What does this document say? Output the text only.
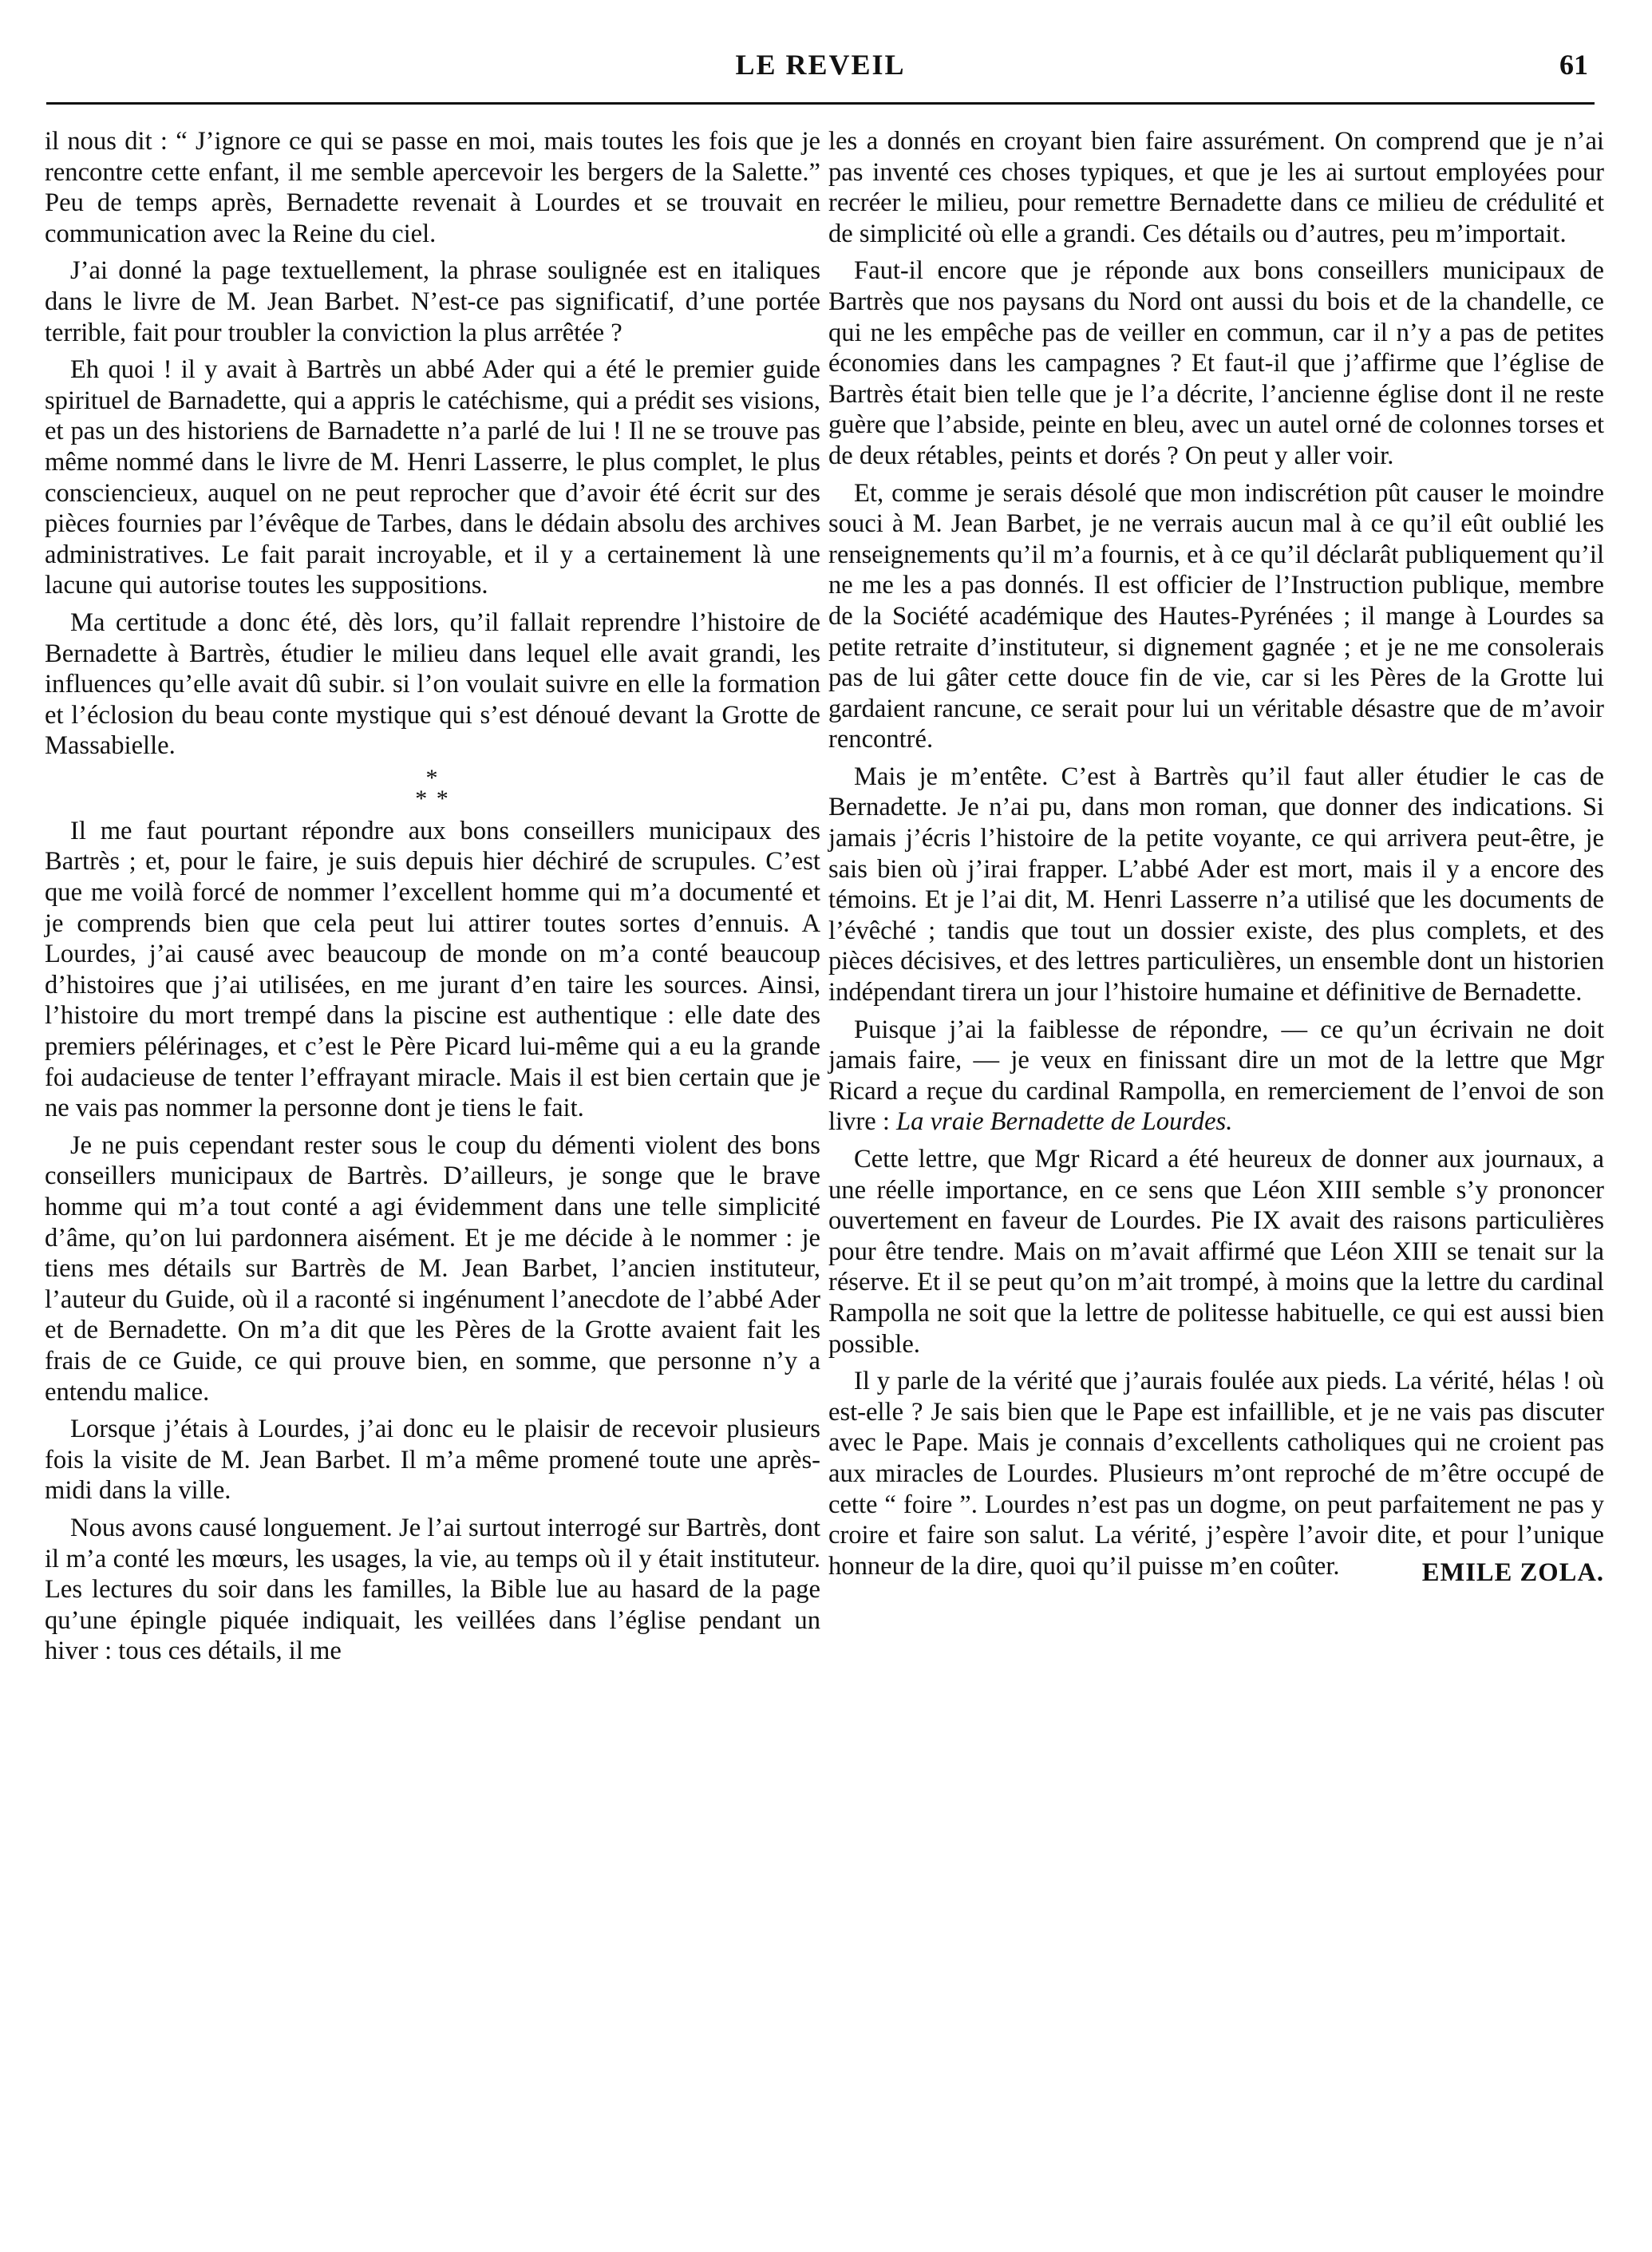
LE REVEIL	61

il nous dit : “ J’ignore ce qui se passe en moi, mais toutes les fois que je rencontre cette enfant, il me semble apercevoir les bergers de la Salette.” Peu de temps après, Bernadette revenait à Lourdes et se trouvait en communication avec la Reine du ciel.

J’ai donné la page textuellement, la phrase soulignée est en italiques dans le livre de M. Jean Barbet. N’est-ce pas significatif, d’une portée terrible, fait pour troubler la conviction la plus arrêtée ?

Eh quoi ! il y avait à Bartrès un abbé Ader qui a été le premier guide spirituel de Barnadette, qui a appris le catéchisme, qui a prédit ses visions, et pas un des historiens de Barnadette n’a parlé de lui ! Il ne se trouve pas même nommé dans le livre de M. Henri Lasserre, le plus complet, le plus consciencieux, auquel on ne peut reprocher que d’avoir été écrit sur des pièces fournies par l’évêque de Tarbes, dans le dédain absolu des archives administratives. Le fait parait incroyable, et il y a certainement là une lacune qui autorise toutes les suppositions.

Ma certitude a donc été, dès lors, qu’il fallait reprendre l’histoire de Bernadette à Bartrès, étudier le milieu dans lequel elle avait grandi, les influences qu’elle avait dû subir. si l’on voulait suivre en elle la formation et l’éclosion du beau conte mystique qui s’est dénoué devant la Grotte de Massabielle.

*
* *

Il me faut pourtant répondre aux bons conseillers municipaux des Bartrès ; et, pour le faire, je suis depuis hier déchiré de scrupules. C’est que me voilà forcé de nommer l’excellent homme qui m’a documenté et je comprends bien que cela peut lui attirer toutes sortes d’ennuis. A Lourdes, j’ai causé avec beaucoup de monde on m’a conté beaucoup d’histoires que j’ai utilisées, en me jurant d’en taire les sources. Ainsi, l’histoire du mort trempé dans la piscine est authentique : elle date des premiers pélérinages, et c’est le Père Picard lui-même qui a eu la grande foi audacieuse de tenter l’effrayant miracle. Mais il est bien certain que je ne vais pas nommer la personne dont je tiens le fait.

Je ne puis cependant rester sous le coup du démenti violent des bons conseillers municipaux de Bartrès. D’ailleurs, je songe que le brave homme qui m’a tout conté a agi évidemment dans une telle simplicité d’âme, qu’on lui pardonnera aisément. Et je me décide à le nommer : je tiens mes détails sur Bartrès de M. Jean Barbet, l’ancien instituteur, l’auteur du Guide, où il a raconté si ingénument l’anecdote de l’abbé Ader et de Bernadette. On m’a dit que les Pères de la Grotte avaient fait les frais de ce Guide, ce qui prouve bien, en somme, que personne n’y a entendu malice.

Lorsque j’étais à Lourdes, j’ai donc eu le plaisir de recevoir plusieurs fois la visite de M. Jean Barbet. Il m’a même promené toute une après-midi dans la ville.

Nous avons causé longuement. Je l’ai surtout interrogé sur Bartrès, dont il m’a conté les mœurs, les usages, la vie, au temps où il y était instituteur. Les lectures du soir dans les familles, la Bible lue au hasard de la page qu’une épingle piquée indiquait, les veillées dans l’église pendant un hiver : tous ces détails, il me

les a donnés en croyant bien faire assurément. On comprend que je n’ai pas inventé ces choses typiques, et que je les ai surtout employées pour recréer le milieu, pour remettre Bernadette dans ce milieu de crédulité et de simplicité où elle a grandi. Ces détails ou d’autres, peu m’importait.

Faut-il encore que je réponde aux bons conseillers municipaux de Bartrès que nos paysans du Nord ont aussi du bois et de la chandelle, ce qui ne les empêche pas de veiller en commun, car il n’y a pas de petites économies dans les campagnes ? Et faut-il que j’affirme que l’église de Bartrès était bien telle que je l’a décrite, l’ancienne église dont il ne reste guère que l’abside, peinte en bleu, avec un autel orné de colonnes torses et de deux rétables, peints et dorés ? On peut y aller voir.

Et, comme je serais désolé que mon indiscrétion pût causer le moindre souci à M. Jean Barbet, je ne verrais aucun mal à ce qu’il eût oublié les renseignements qu’il m’a fournis, et à ce qu’il déclarât publiquement qu’il ne me les a pas donnés. Il est officier de l’Instruction publique, membre de la Société académique des Hautes-Pyrénées ; il mange à Lourdes sa petite retraite d’instituteur, si dignement gagnée ; et je ne me consolerais pas de lui gâter cette douce fin de vie, car si les Pères de la Grotte lui gardaient rancune, ce serait pour lui un véritable désastre que de m’avoir rencontré.

Mais je m’entête. C’est à Bartrès qu’il faut aller étudier le cas de Bernadette. Je n’ai pu, dans mon roman, que donner des indications. Si jamais j’écris l’histoire de la petite voyante, ce qui arrivera peut-être, je sais bien où j’irai frapper. L’abbé Ader est mort, mais il y a encore des témoins. Et je l’ai dit, M. Henri Lasserre n’a utilisé que les documents de l’évêché ; tandis que tout un dossier existe, des plus complets, et des pièces décisives, et des lettres particulières, un ensemble dont un historien indépendant tirera un jour l’histoire humaine et définitive de Bernadette.

Puisque j’ai la faiblesse de répondre, — ce qu’un écrivain ne doit jamais faire, — je veux en finissant dire un mot de la lettre que Mgr Ricard a reçue du cardinal Rampolla, en remerciement de l’envoi de son livre : La vraie Bernadette de Lourdes.

Cette lettre, que Mgr Ricard a été heureux de donner aux journaux, a une réelle importance, en ce sens que Léon XIII semble s’y prononcer ouvertement en faveur de Lourdes. Pie IX avait des raisons particulières pour être tendre. Mais on m’avait affirmé que Léon XIII se tenait sur la réserve. Et il se peut qu’on m’ait trompé, à moins que la lettre du cardinal Rampolla ne soit que la lettre de politesse habituelle, ce qui est aussi bien possible.

Il y parle de la vérité que j’aurais foulée aux pieds. La vérité, hélas ! où est-elle ? Je sais bien que le Pape est infaillible, et je ne vais pas discuter avec le Pape. Mais je connais d’excellents catholiques qui ne croient pas aux miracles de Lourdes. Plusieurs m’ont reproché de m’être occupé de cette “ foire ”. Lourdes n’est pas un dogme, on peut parfaitement ne pas y croire et faire son salut. La vérité, j’espère l’avoir dite, et pour l’unique honneur de la dire, quoi qu’il puisse m’en coûter.	EMILE ZOLA.
